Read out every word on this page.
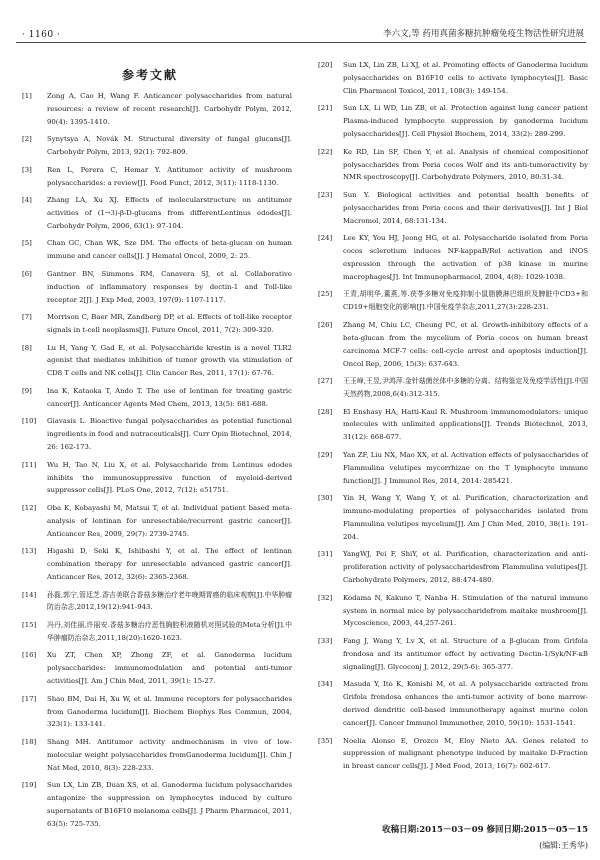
· 1160 ·	李六文,等 药用真菌多糖抗肿瘤免疫生物活性研究进展
参考文献
[1]	Zong A, Cao H, Wang F. Anticancer polysaccharides from natural resources: a review of recent research[J]. Carbohydr Polym, 2012, 90(4): 1395-1410.
[2]	Synytsya A, Novák M. Structural diversity of fungal glucans[J]. Carbohydr Polym, 2013, 92(1): 792-809.
[3]	Ren L, Perera C, Hemar Y. Antitumor activity of mushroom polysaccharides: a review[J]. Food Funct, 2012, 3(11): 1118-1130.
[4]	Zhang LA, Xu XJ. Effects of molecularstructure on antitumor activities of (1→3)-β-D-glucans from differentLentinus edodes[J]. Carbohydr Polym, 2006, 63(1): 97-104.
[5]	Chan GC, Chan WK, Sze DM. The effects of beta-glucan on human immune and cancer cells[J]. J Hematol Oncol, 2009, 2: 25.
[6]	Gantner BN, Simmons RM, Canavera SJ, et al. Collaborative induction of inflammatory responses by dectin-1 and Toll-like receptor 2[J]. J Exp Med, 2003, 197(9): 1107-1117.
[7]	Morrison C, Baer MR, Zandberg DP, et al. Effects of toll-like receptor signals in t-cell neoplasms[J]. Future Oncol, 2011, 7(2): 309-320.
[8]	Lu H, Yang Y, Gad E, et al. Polysaccharide krestin is a novel TLR2 agonist that mediates inhibition of tumor growth via stimulation of CD8 T cells and NK cells[J]. Clin Cancer Res, 2011, 17(1): 67-76.
[9]	Ina K, Kataoka T, Ando T. The use of lentinan for treating gastric cancer[J]. Anticancer Agents Med Chem, 2013, 13(5): 681-688.
[10]	Giavasis L. Bioactive fungal polysaccharides as potential functional ingredients in food and nutraceuticals[J]. Curr Opin Biotechnol, 2014, 26: 162-173.
[11]	Wu H, Tao N, Liu X, et al. Polysaccharide from Lentinus edodes inhibits the immunosuppressive function of myeloid-derived suppressor cells[J]. PLoS One, 2012, 7(12): e51751.
[12]	Oba K, Kobayashi M, Matsui T, et al. Individual patient based meta-analysis of lentinan for unresectable/recurrent gastric cancer[J]. Anticancer Res, 2009, 29(7): 2739-2745.
[13]	Higashi D, Seki K, Ishibashi Y, et al. The effect of lentinan combination therapy for unresectable advanced gastric cancer[J]. Anticancer Res, 2012, 32(6): 2365-2368.
[14]	孙磊,郭宁,管廷芝.香吉美联合香菇多糖治疗老年晚期胃癌的临床观察[J].中华肿瘤防治杂志,2012,19(12):941-943.
[15]	冯丹,刘佳丽,许丽安.香菇多糖治疗恶性胸腔积液随机对照试验的Meta分析[J].中华肿瘤防治杂志,2011,18(20):1620-1623.
[16]	Xu ZT, Chen XP, Zhong ZF, et al. Ganoderma lucidum polysaccharides: immunomodulation and potential anti-tumor activities[J]. Am J Chin Med, 2011, 39(1): 15-27.
[17]	Shao BM, Dai H, Xu W, et al. Immune receptors for polysaccharides from Ganoderma lucidum[J]. Biochem Biophys Res Commun, 2004, 323(1): 133-141.
[18]	Shang MH. Antitumor activity andmechanism in vivo of low-molecular weight polysaccharides fromGanoderma lucidum[J]. Chin J Nat Med, 2010, 8(3): 228-233.
[19]	Sun LX, Lin ZB, Duan XS, et al. Ganoderma lucidum polysaccharides antagonize the suppression on lymphocytes induced by culture supernatants of B16F10 melanoma cells[J]. J Pharm Pharmacol, 2011, 63(5): 725-735.
[20]	Sun LX, Lin ZB, Li XJ, et al. Promoting effects of Ganoderma lucidum polysaccharides on B16F10 cells to activate lymphocytes[J]. Basic Clin Pharmacol Toxicol, 2011, 108(3): 149-154.
[21]	Sun LX, Li WD, Lin ZB, et al. Protection against lung cancer patient Plasma-induced lymphocyte suppression by ganoderma lucidum polysaccharides[J]. Cell Physiol Biochem, 2014, 33(2): 289-299.
[22]	Ke RD, Lin SF, Chen Y, et al. Analysis of chemical compositionof polysaccharides from Poria cocos Wolf and its anti-tumoractivity by NMR spectroscopy[J]. Carbohydrate Polymers, 2010, 80:31-34.
[23]	Sun Y. Biological activities and potential health benefits of polysaccharides from Poria cocos and their derivatives[J]. Int J Biol Macromol, 2014, 68:131-134.
[24]	Lee KY, You HJ, Jeong HG, et al. Polysaccharide isolated from Poria cocos sclerotium induces NF-kappaB/Rel activation and iNOS expression through the activation of p38 kinase in murine macrophages[J]. Int Immunopharmacol, 2004, 4(8): 1029-1038.
[25]	王青,胡明华,董燕,等.茯苓多糖对免疫抑制小鼠脂膜淋巴组织及脾脏中CD3+和CD19+细胞变化的影响[J].中国免疫学杂志,2011,27(3):228-231.
[26]	Zhang M, Chiu LC, Cheung PC, et al. Growth-inhibitory effects of a beta-glucan from the mycelium of Poria cocos on human breast carcinoma MCF-7 cells: cell-cycle arrest and apoptosis induction[J]. Oncol Rep, 2006, 15(3): 637-643.
[27]	王玉峰,王昱,尹鸿萍.金针菇菌丝体中多糖的分离、结构鉴定及免疫学活性[J].中国天然药物,2008,6(4):312-315.
[28]	El Enshasy HA, Hatti-Kaul R. Mushroom immunomodulators: unique molecules with unlimited applications[J]. Trends Biotechnol, 2013, 31(12): 668-677.
[29]	Yan ZF, Liu NX, Mao XX, et al. Activation effects of polysaccharides of Flammulina velutipes mycorrhizae on the T lymphocyte immune function[J]. J Immunol Res, 2014, 2014: 285421.
[30]	Yin H, Wang Y, Wang Y, et al. Purification, characterization and immuno-modulating properties of polysaccharides isolated from Flammulina velutipes mycelium[J]. Am J Chin Med, 2010, 38(1): 191-204.
[31]	YangWJ, Pei F, ShiY, et al. Purification, characterization and anti-proliferation activity of polysaccharidesfrom Flammulina velutipes[J]. Carbohydrate Polymers, 2012, 88:474-480.
[32]	Kodama N, Kakuno T, Nanba H. Stimulation of the natural immune system in normal mice by polysaccharidefrom maitake mushroom[J]. Mycoscience, 2003, 44,257-261.
[33]	Fang J, Wang Y, Lv X, et al. Structure of a β-glucan from Grifola frondosa and its antitumor effect by activating Dectin-1/Syk/NF-κB signaling[J]. Glycoconj J, 2012, 29(5-6): 365-377.
[34]	Masuda Y, Ito K, Konishi M, et al. A polysaccharide extracted from Grifola frondosa enhances the anti-tumor activity of bone marrow-derived dendritic cell-based immunotherapy against murine colon cancer[J]. Cancer Immunol Immunother, 2010, 59(10): 1531-1541.
[35]	Noelia Alonso E, Orozco M, Eloy Nieto AA. Genes related to suppression of malignant phenotype induced by maitake D-Fraction in breast cancer cells[J]. J Med Food, 2013, 16(7): 602-617.
收稿日期:2015－03－09 修回日期:2015－05－15
(编辑:王秀华)
